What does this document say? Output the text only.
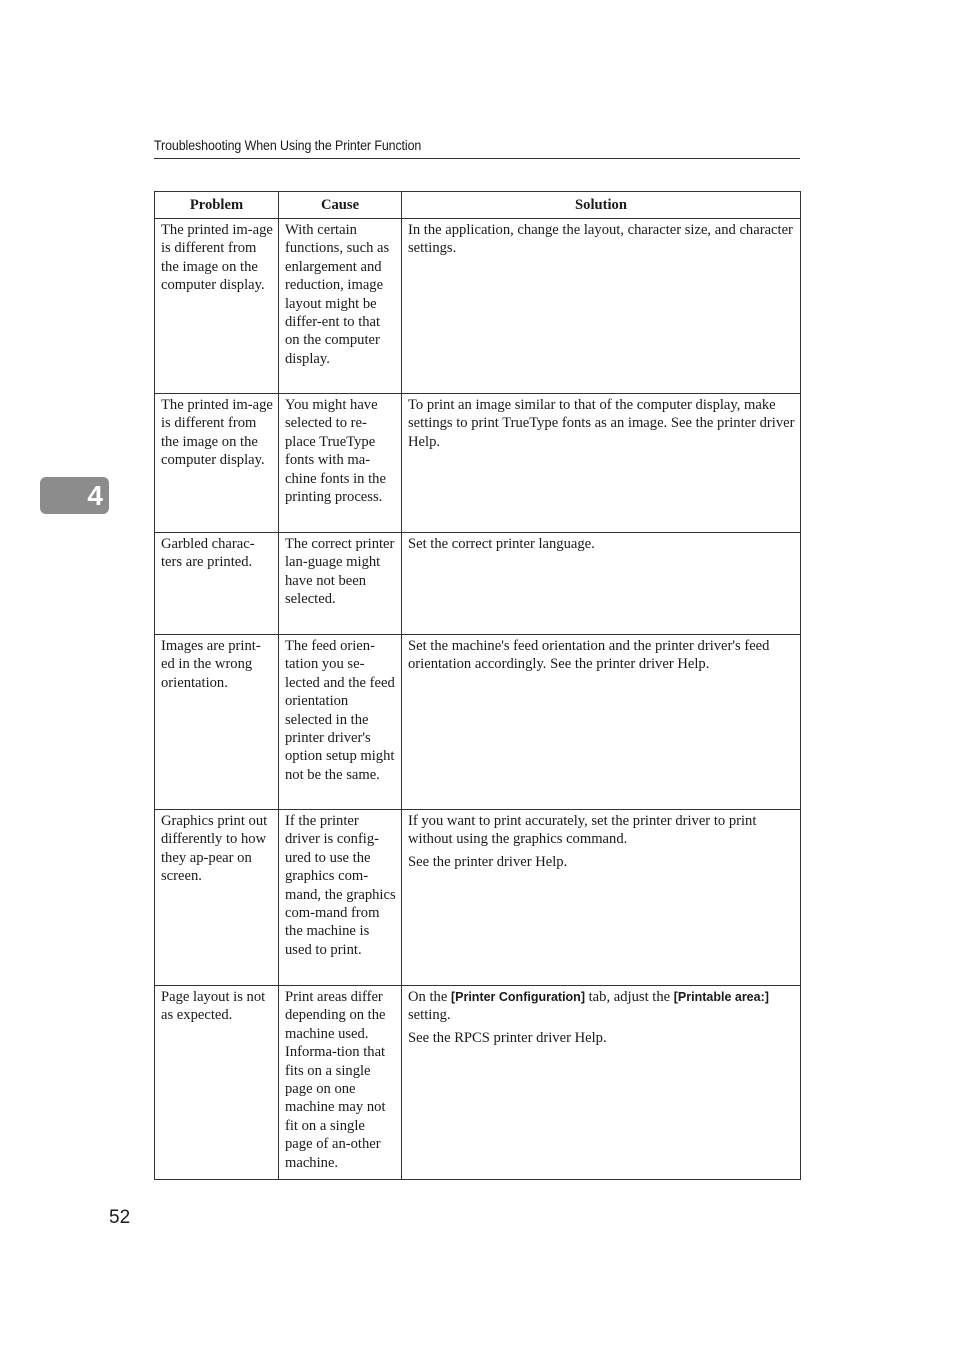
Troubleshooting When Using the Printer Function
4
Problem	Cause	Solution

The printed im-age is different from the image on the computer display.	With certain functions, such as enlargement and reduction, image layout might be differ-ent to that on the computer display.	In the application, change the layout, character size, and character settings.

The printed im-age is different from the image on the computer display.	You might have selected to re-place TrueType fonts with ma-chine fonts in the printing process.	To print an image similar to that of the computer display, make settings to print TrueType fonts as an image. See the printer driver Help.

Garbled charac-ters are printed.	The correct printer lan-guage might have not been selected.	Set the correct printer language.

Images are print-ed in the wrong orientation.	The feed orien-tation you se-lected and the feed orientation selected in the printer driver's option setup might not be the same.	Set the machine's feed orientation and the printer driver's feed orientation accordingly. See the printer driver Help.

Graphics print out differently to how they ap-pear on screen.	If the printer driver is config-ured to use the graphics com-mand, the graphics com-mand from the machine is used to print.	If you want to print accurately, set the printer driver to print without using the graphics command.

See the printer driver Help.

Page layout is not as expected.	Print areas differ depending on the machine used. Informa-tion that fits on a single page on one machine may not fit on a single page of an-other machine.	On the [Printer Configuration] tab, adjust the [Printable area:] setting.

See the RPCS printer driver Help.

52
